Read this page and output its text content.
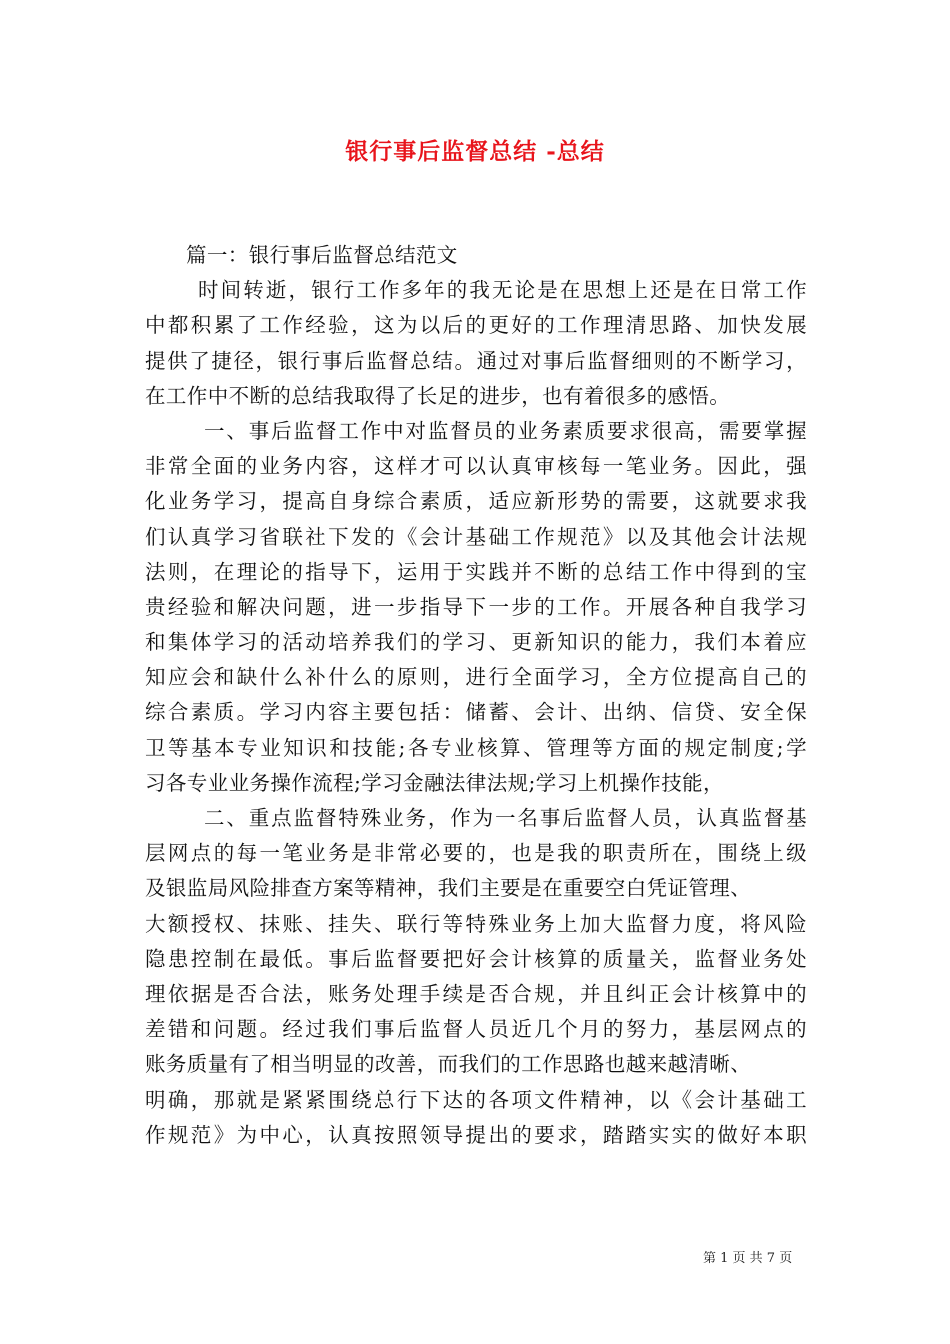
银行事后监督总结 -总结
篇一：银行事后监督总结范文
时间转逝，银行工作多年的我无论是在思想上还是在日常工作
中都积累了工作经验，这为以后的更好的工作理清思路、加快发展
提供了捷径，银行事后监督总结。通过对事后监督细则的不断学习，
在工作中不断的总结我取得了长足的进步，也有着很多的感悟。
一、事后监督工作中对监督员的业务素质要求很高，需要掌握
非常全面的业务内容，这样才可以认真审核每一笔业务。因此，强
化业务学习，提高自身综合素质，适应新形势的需要，这就要求我
们认真学习省联社下发的《会计基础工作规范》以及其他会计法规
法则，在理论的指导下，运用于实践并不断的总结工作中得到的宝
贵经验和解决问题，进一步指导下一步的工作。开展各种自我学习
和集体学习的活动培养我们的学习、更新知识的能力，我们本着应
知应会和缺什么补什么的原则，进行全面学习，全方位提高自己的
综合素质。学习内容主要包括：储蓄、会计、出纳、信贷、安全保
卫等基本专业知识和技能;各专业核算、管理等方面的规定制度;学
习各专业业务操作流程;学习金融法律法规;学习上机操作技能，
二、重点监督特殊业务，作为一名事后监督人员，认真监督基
层网点的每一笔业务是非常必要的，也是我的职责所在，围绕上级
及银监局风险排查方案等精神，我们主要是在重要空白凭证管理、
大额授权、抹账、挂失、联行等特殊业务上加大监督力度，将风险
隐患控制在最低。事后监督要把好会计核算的质量关，监督业务处
理依据是否合法，账务处理手续是否合规，并且纠正会计核算中的
差错和问题。经过我们事后监督人员近几个月的努力，基层网点的
账务质量有了相当明显的改善，而我们的工作思路也越来越清晰、
明确，那就是紧紧围绕总行下达的各项文件精神，以《会计基础工
作规范》为中心，认真按照领导提出的要求，踏踏实实的做好本职
第 1 页 共 7 页
